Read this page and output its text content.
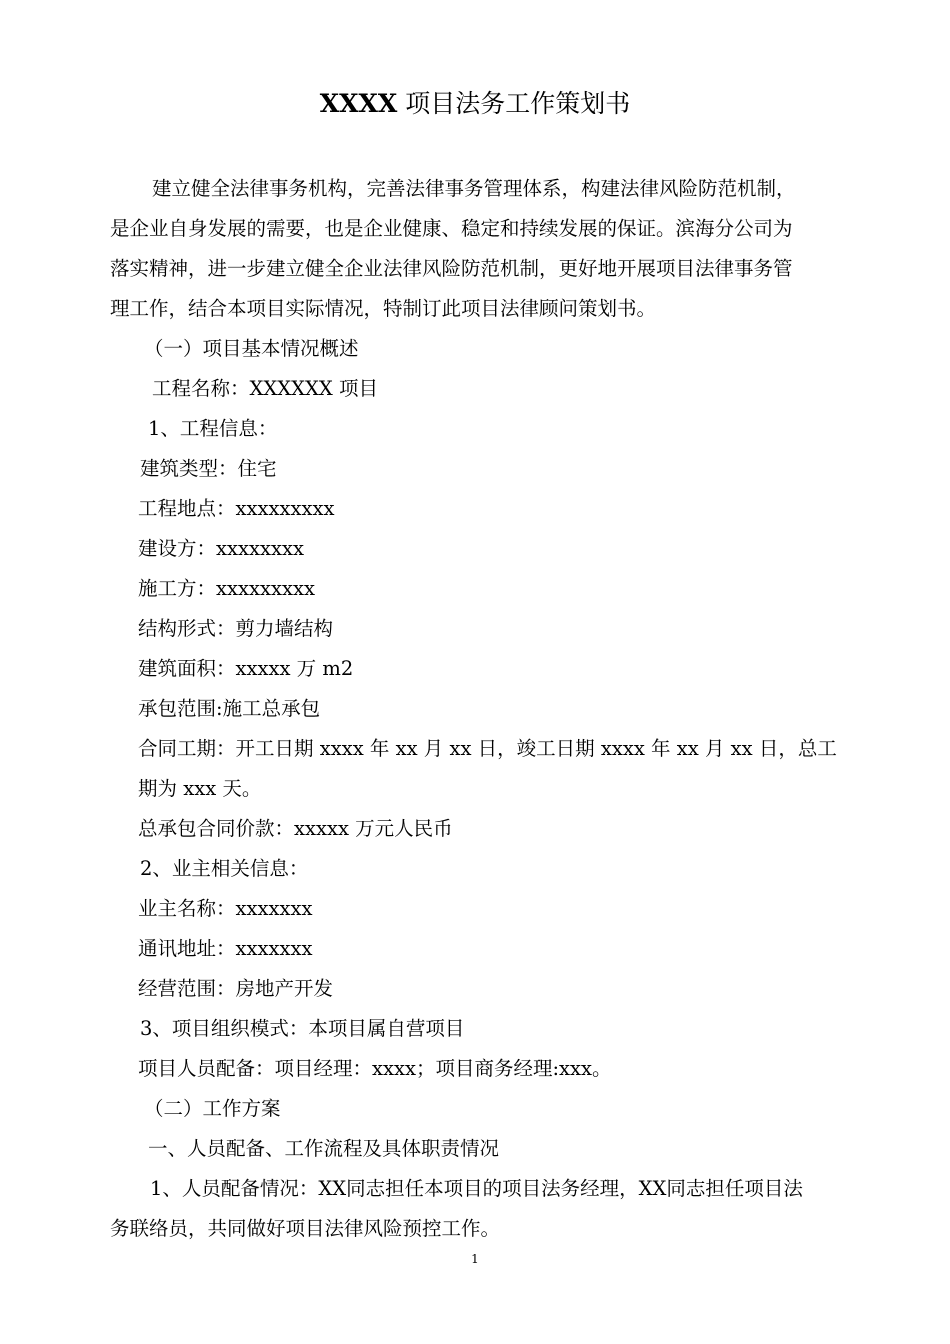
XXXX 项目法务工作策划书
建立健全法律事务机构，完善法律事务管理体系，构建法律风险防范机制，
是企业自身发展的需要，也是企业健康、稳定和持续发展的保证。滨海分公司为
落实精神，进一步建立健全企业法律风险防范机制，更好地开展项目法律事务管
理工作，结合本项目实际情况，特制订此项目法律顾问策划书。
（一）项目基本情况概述
工程名称：XXXXXX 项目
1、工程信息：
建筑类型：住宅
工程地点：xxxxxxxxx
建设方：xxxxxxxx
施工方：xxxxxxxxx
结构形式：剪力墙结构
建筑面积：xxxxx 万 m2
承包范围:施工总承包
合同工期：开工日期 xxxx 年 xx 月 xx 日，竣工日期 xxxx 年 xx 月 xx 日，总工
期为 xxx 天。
总承包合同价款：xxxxx 万元人民币
2、业主相关信息：
业主名称：xxxxxxx
通讯地址：xxxxxxx
经营范围：房地产开发
3、项目组织模式：本项目属自营项目
项目人员配备：项目经理：xxxx；项目商务经理:xxx。
（二）工作方案
一、人员配备、工作流程及具体职责情况
1、人员配备情况：XX同志担任本项目的项目法务经理，XX同志担任项目法
务联络员，共同做好项目法律风险预控工作。
1
